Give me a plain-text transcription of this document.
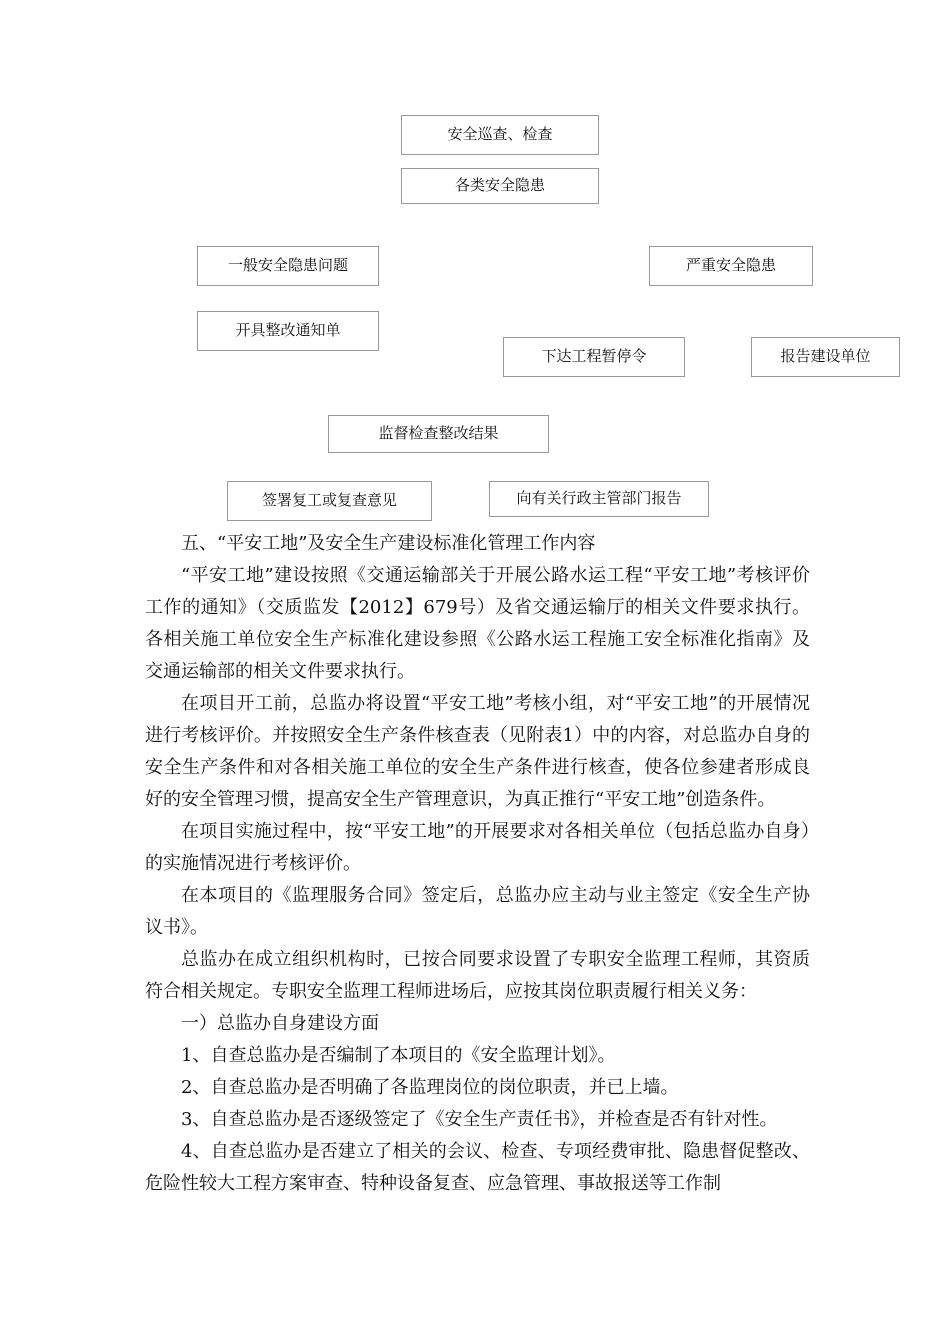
安全巡查、检查
各类安全隐患
一般安全隐患问题	严重安全隐患
开具整改通知单
下达工程暂停令	报告建设单位
监督检查整改结果
签署复工或复查意见	向有关行政主管部门报告

五、“平安工地”及安全生产建设标准化管理工作内容

“平安工地”建设按照《交通运输部关于开展公路水运工程“平安工地”考核评价工作的通知》（交质监发【2012】679号）及省交通运输厅的相关文件要求执行。各相关施工单位安全生产标准化建设参照《公路水运工程施工安全标准化指南》及交通运输部的相关文件要求执行。

在项目开工前，总监办将设置“平安工地”考核小组，对“平安工地”的开展情况进行考核评价。并按照安全生产条件核查表（见附表1）中的内容，对总监办自身的安全生产条件和对各相关施工单位的安全生产条件进行核查，使各位参建者形成良好的安全管理习惯，提高安全生产管理意识，为真正推行“平安工地”创造条件。

在项目实施过程中，按“平安工地”的开展要求对各相关单位（包括总监办自身）的实施情况进行考核评价。

在本项目的《监理服务合同》签定后，总监办应主动与业主签定《安全生产协议书》。

总监办在成立组织机构时，已按合同要求设置了专职安全监理工程师，其资质符合相关规定。专职安全监理工程师进场后，应按其岗位职责履行相关义务：

一）总监办自身建设方面

1、自查总监办是否编制了本项目的《安全监理计划》。

2、自查总监办是否明确了各监理岗位的岗位职责，并已上墙。

3、自查总监办是否逐级签定了《安全生产责任书》，并检查是否有针对性。

4、自查总监办是否建立了相关的会议、检查、专项经费审批、隐患督促整改、危险性较大工程方案审查、特种设备复查、应急管理、事故报送等工作制
